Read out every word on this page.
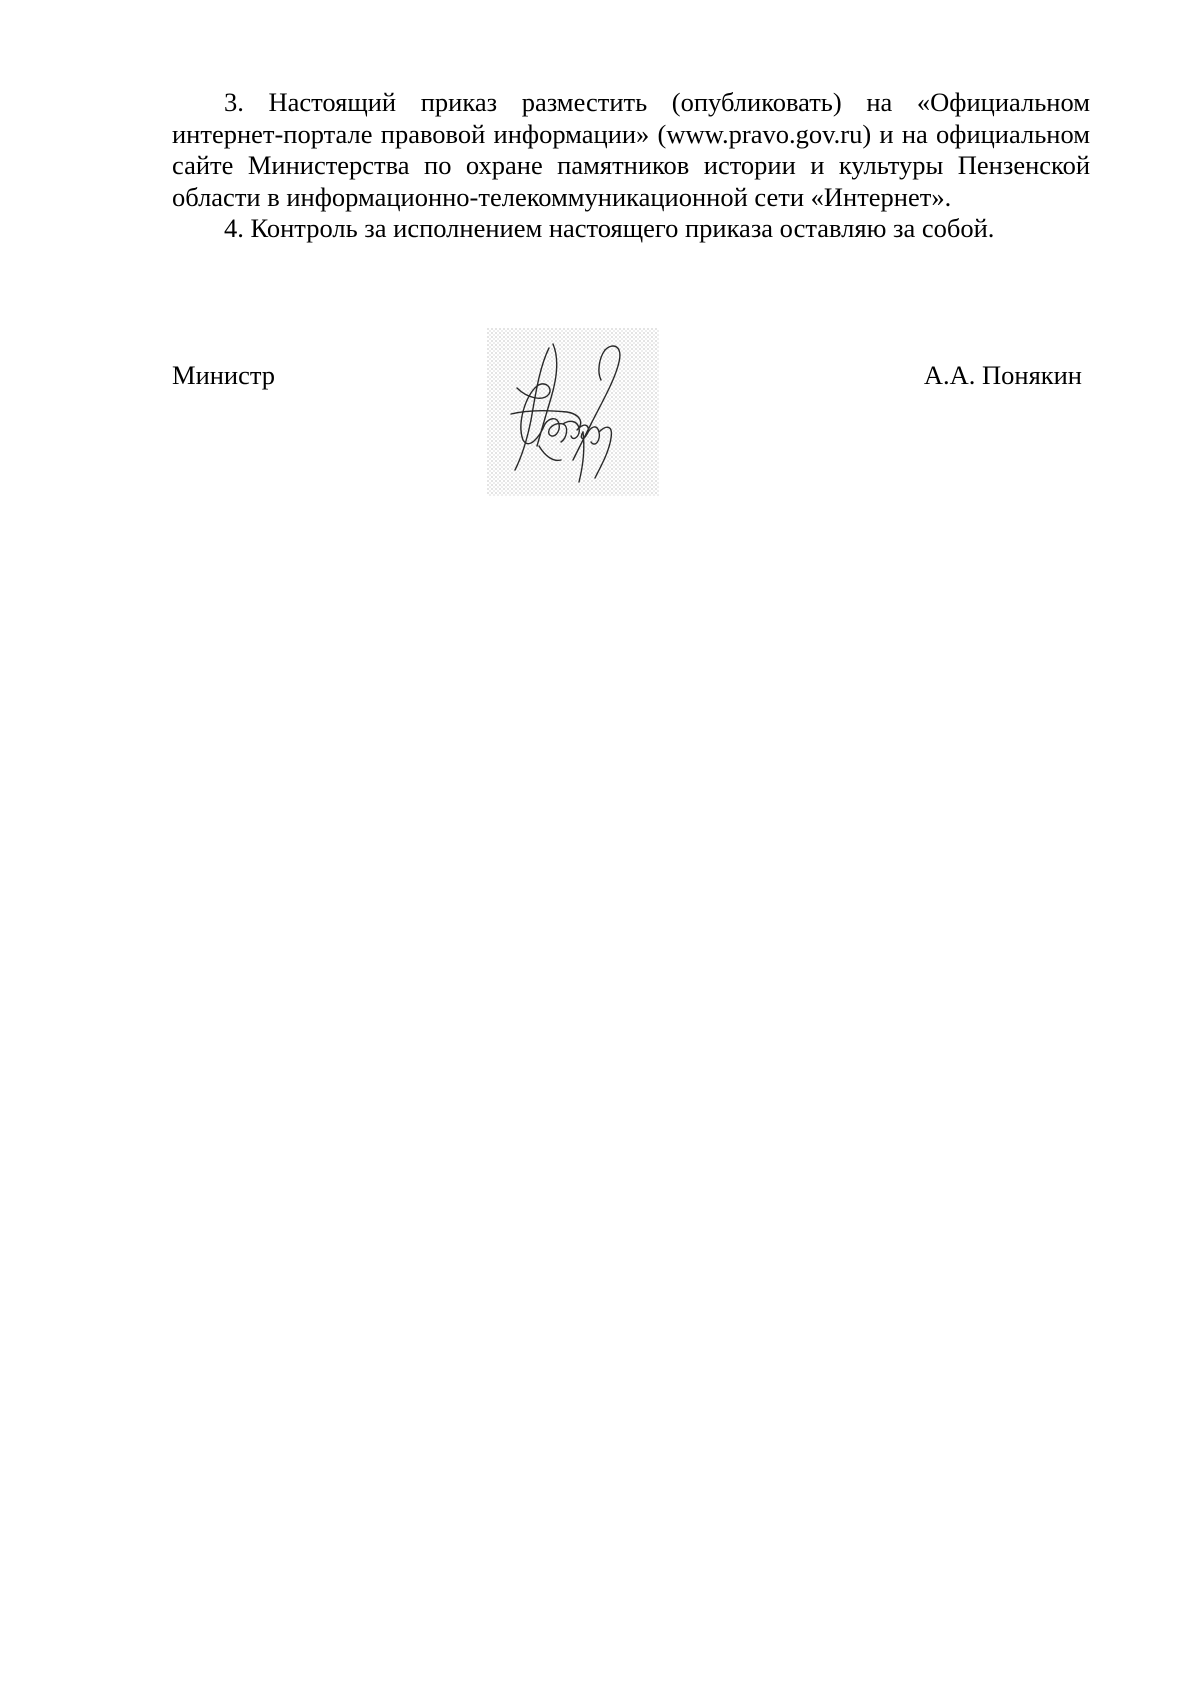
3. Настоящий приказ разместить (опубликовать) на «Официальном интернет-портале правовой информации» (www.pravo.gov.ru) и на официальном сайте Министерства по охране памятников истории и культуры Пензенской области в информационно-телекоммуникационной сети «Интернет».

4. Контроль за исполнением настоящего приказа оставляю за собой.

Министр	А.А. Понякин
